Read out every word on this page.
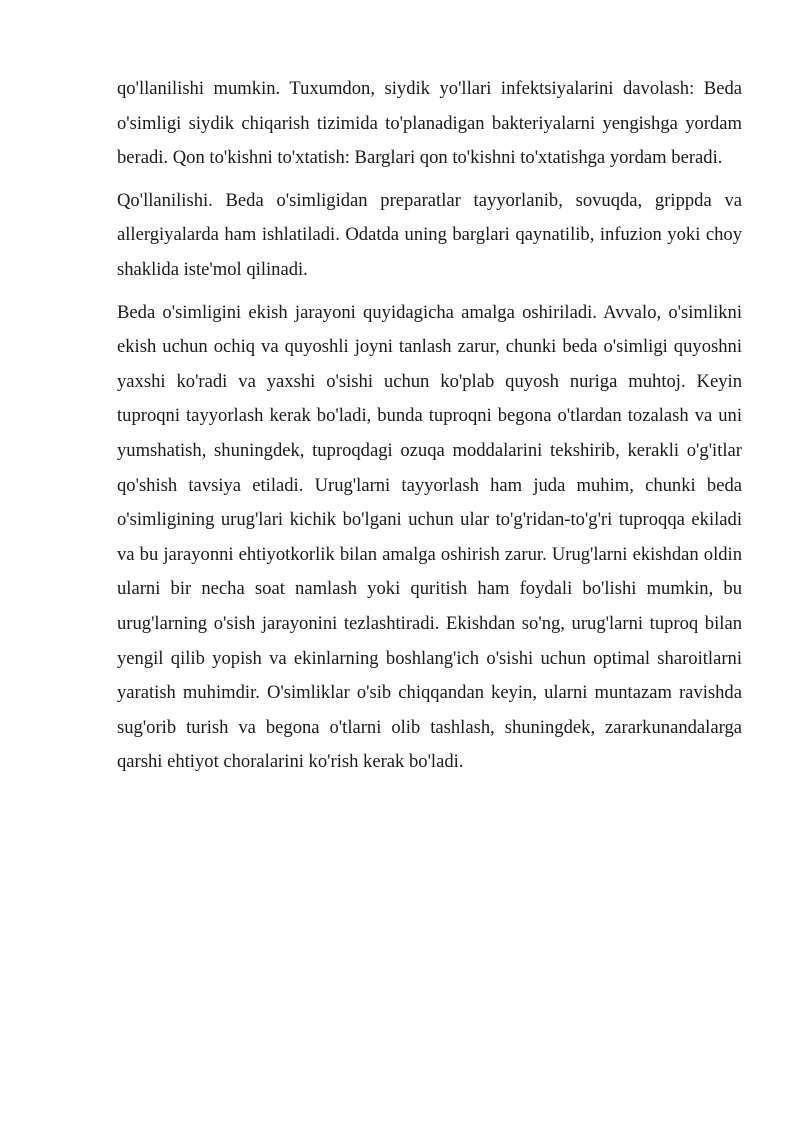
qo'llanilishi mumkin. Tuxumdon, siydik yo'llari infektsiyalarini davolash: Beda o'simligi siydik chiqarish tizimida to'planadigan bakteriyalarni yengishga yordam beradi. Qon to'kishni to'xtatish: Barglari qon to'kishni to'xtatishga yordam beradi.

Qo'llanilishi. Beda o'simligidan preparatlar tayyorlanib, sovuqda, grippda va allergiyalarda ham ishlatiladi. Odatda uning barglari qaynatilib, infuzion yoki choy shaklida iste'mol qilinadi.

Beda o'simligini ekish jarayoni quyidagicha amalga oshiriladi. Avvalo, o'simlikni ekish uchun ochiq va quyoshli joyni tanlash zarur, chunki beda o'simligi quyoshni yaxshi ko'radi va yaxshi o'sishi uchun ko'plab quyosh nuriga muhtoj. Keyin tuproqni tayyorlash kerak bo'ladi, bunda tuproqni begona o'tlardan tozalash va uni yumshatish, shuningdek, tuproqdagi ozuqa moddalarini tekshirib, kerakli o'g'itlar qo'shish tavsiya etiladi. Urug'larni tayyorlash ham juda muhim, chunki beda o'simligining urug'lari kichik bo'lgani uchun ular to'g'ridan-to'g'ri tuproqqa ekiladi va bu jarayonni ehtiyotkorlik bilan amalga oshirish zarur. Urug'larni ekishdan oldin ularni bir necha soat namlash yoki quritish ham foydali bo'lishi mumkin, bu urug'larning o'sish jarayonini tezlashtiradi. Ekishdan so'ng, urug'larni tuproq bilan yengil qilib yopish va ekinlarning boshlang'ich o'sishi uchun optimal sharoitlarni yaratish muhimdir. O'simliklar o'sib chiqqandan keyin, ularni muntazam ravishda sug'orib turish va begona o'tlarni olib tashlash, shuningdek, zararkunandalarga qarshi ehtiyot choralarini ko'rish kerak bo'ladi.
